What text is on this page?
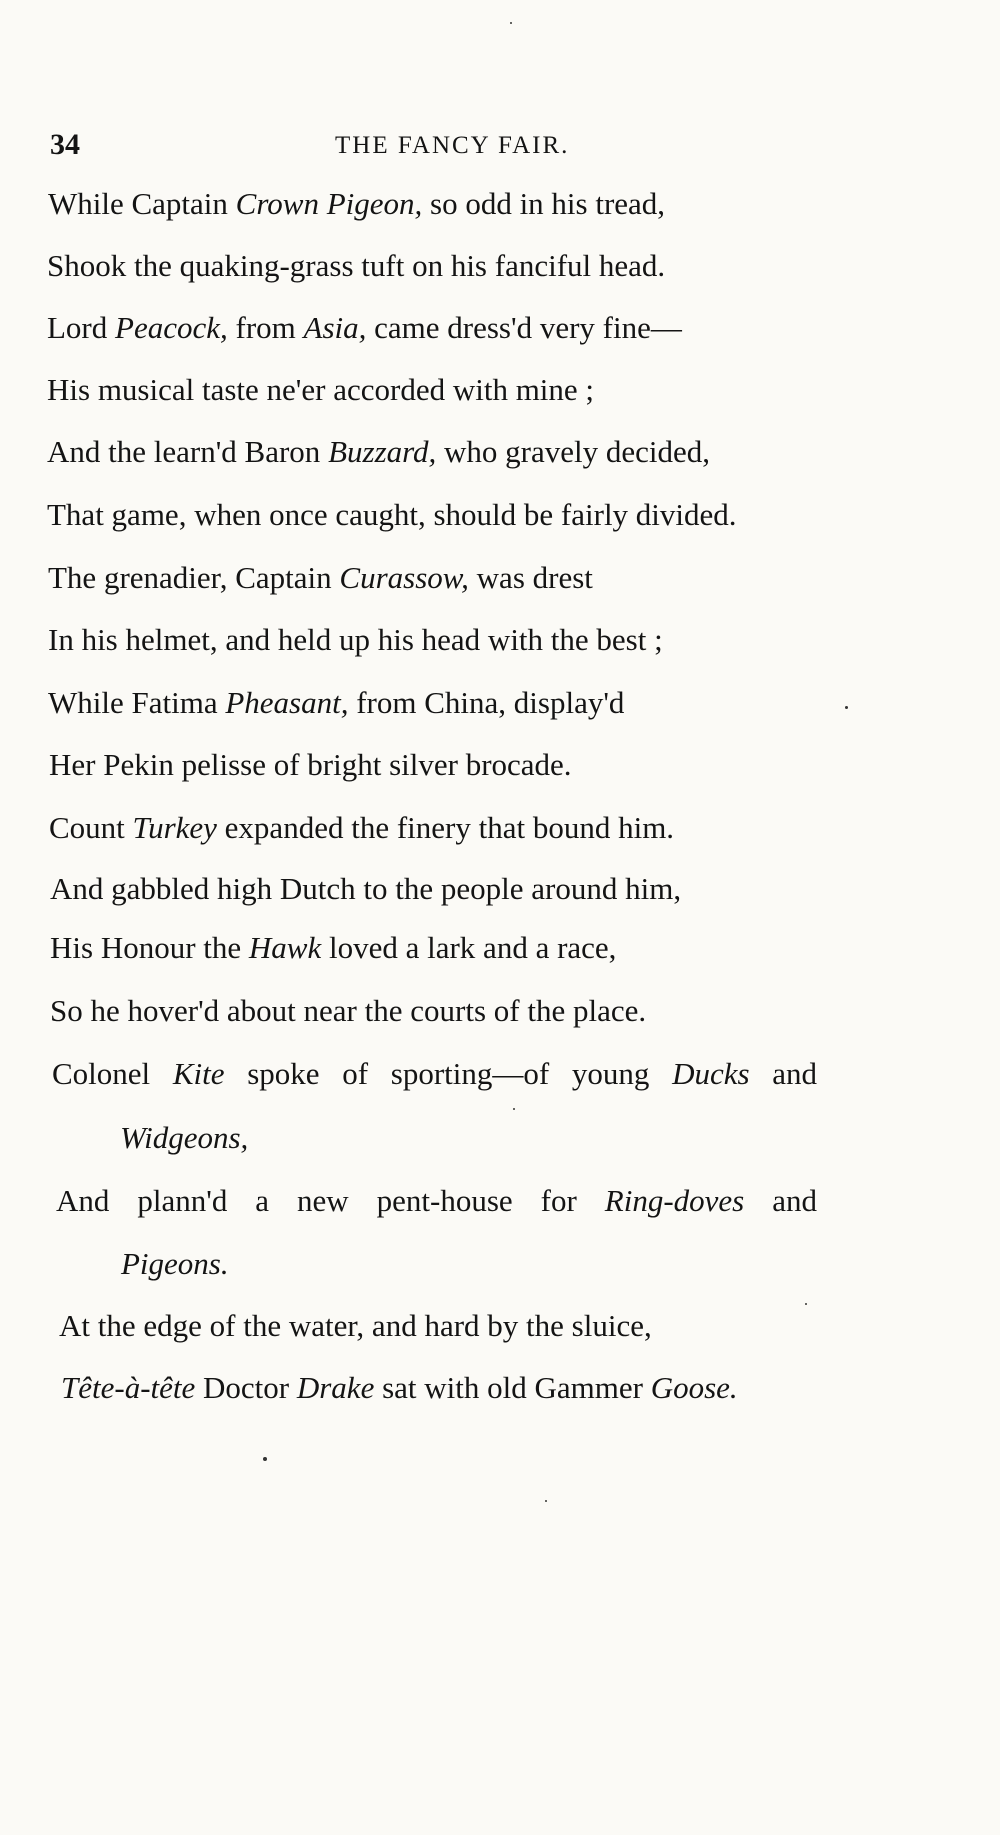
34	THE FANCY FAIR.
While Captain Crown Pigeon, so odd in his tread,
Shook the quaking-grass tuft on his fanciful head.
Lord Peacock, from Asia, came dress'd very fine—
His musical taste ne'er accorded with mine ;
And the learn'd Baron Buzzard, who gravely decided,
That game, when once caught, should be fairly divided.
The grenadier, Captain Curassow, was drest
In his helmet, and held up his head with the best ;
While Fatima Pheasant, from China, display'd
Her Pekin pelisse of bright silver brocade.
Count Turkey expanded the finery that bound him.
And gabbled high Dutch to the people around him,
His Honour the Hawk loved a lark and a race,
So he hover'd about near the courts of the place.
Colonel Kite spoke of sporting—of young Ducks and
Widgeons,
And plann'd a new pent-house for Ring-doves and
Pigeons.
At the edge of the water, and hard by the sluice,
Tête-à-tête Doctor Drake sat with old Gammer Goose.
